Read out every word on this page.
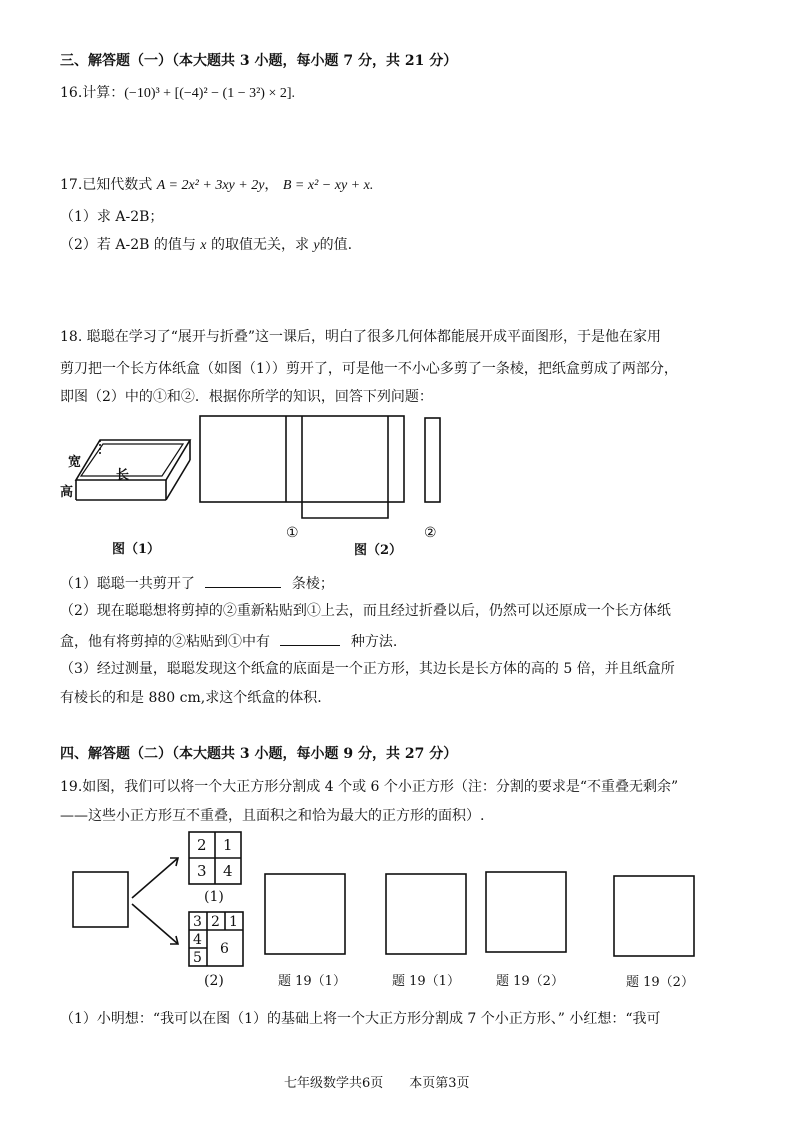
三、解答题（一）（本大题共 3 小题，每小题 7 分，共 21 分）
16.计算：(−10)³ + [(−4)² − (1 − 3²) × 2].
17.已知代数式 A = 2x² + 3xy + 2y， B = x² − xy + x.
（1）求 A-2B；
（2）若 A-2B 的值与 x 的取值无关，求 y的值.
18. 聪聪在学习了“展开与折叠”这一课后，明白了很多几何体都能展开成平面图形，于是他在家用
剪刀把一个长方体纸盒（如图（1））剪开了，可是他一不小心多剪了一条棱，把纸盒剪成了两部分，
即图（2）中的①和②．根据你所学的知识，回答下列问题：
宽
长
高
图（1）
①	②
图（2）
（1）聪聪一共剪开了	条棱；
（2）现在聪聪想将剪掉的②重新粘贴到①上去，而且经过折叠以后，仍然可以还原成一个长方体纸
盒，他有将剪掉的②粘贴到①中有	种方法.
（3）经过测量，聪聪发现这个纸盒的底面是一个正方形，其边长是长方体的高的 5 倍，并且纸盒所
有棱长的和是 880 cm,求这个纸盒的体积.
四、解答题（二）（本大题共 3 小题，每小题 9 分，共 27 分）
19.如图，我们可以将一个大正方形分割成 4 个或 6 个小正方形（注：分割的要求是“不重叠无剩余”
——这些小正方形互不重叠，且面积之和恰为最大的正方形的面积）.
2 1
3 4
(1)
3 2 1
4
6
5
(2)	题 19（1）	题 19（1）	题 19（2）	题 19（2）
（1）小明想：“我可以在图（1）的基础上将一个大正方形分割成 7 个小正方形、” 小红想：“我可
七年级数学共6页　　本页第3页
